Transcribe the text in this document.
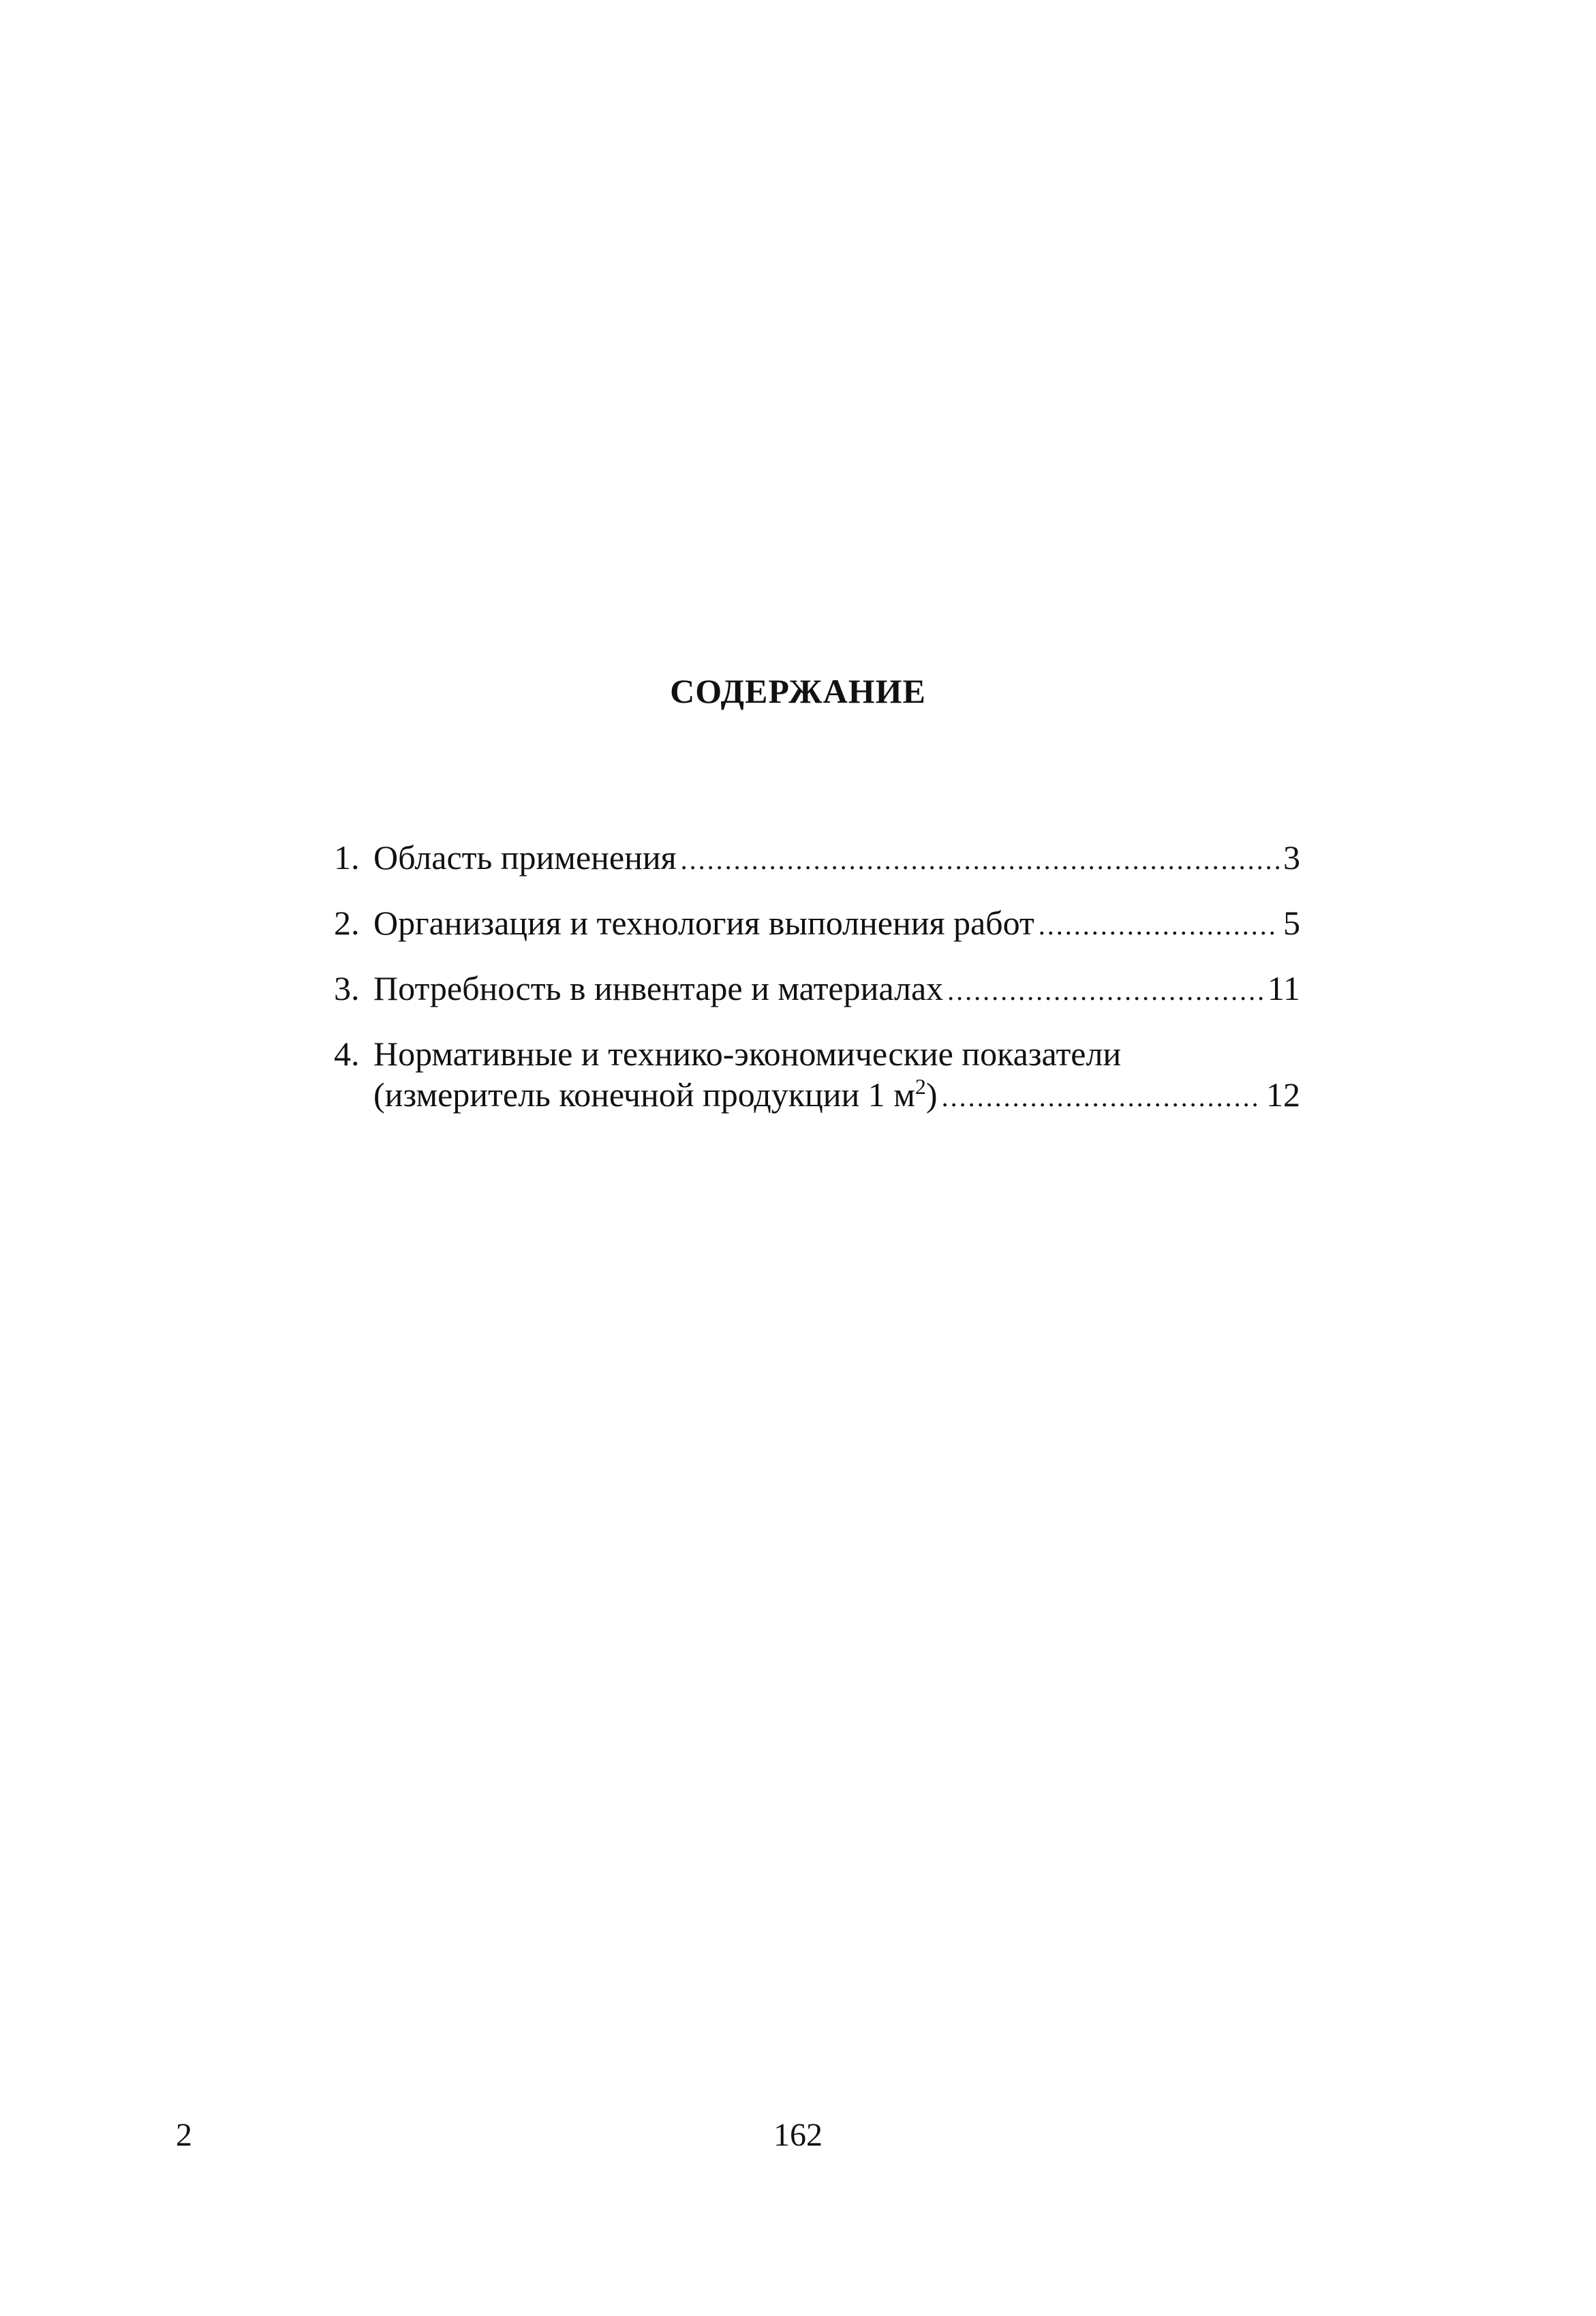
СОДЕРЖАНИЕ
1. Область применения .....	3
2. Организация и технология выполнения работ .....	5
3. Потребность в инвентаре и материалах .....	11
4. Нормативные и технико-экономические показатели
(измеритель конечной продукции 1 $м^2$) .....	12
2	162
